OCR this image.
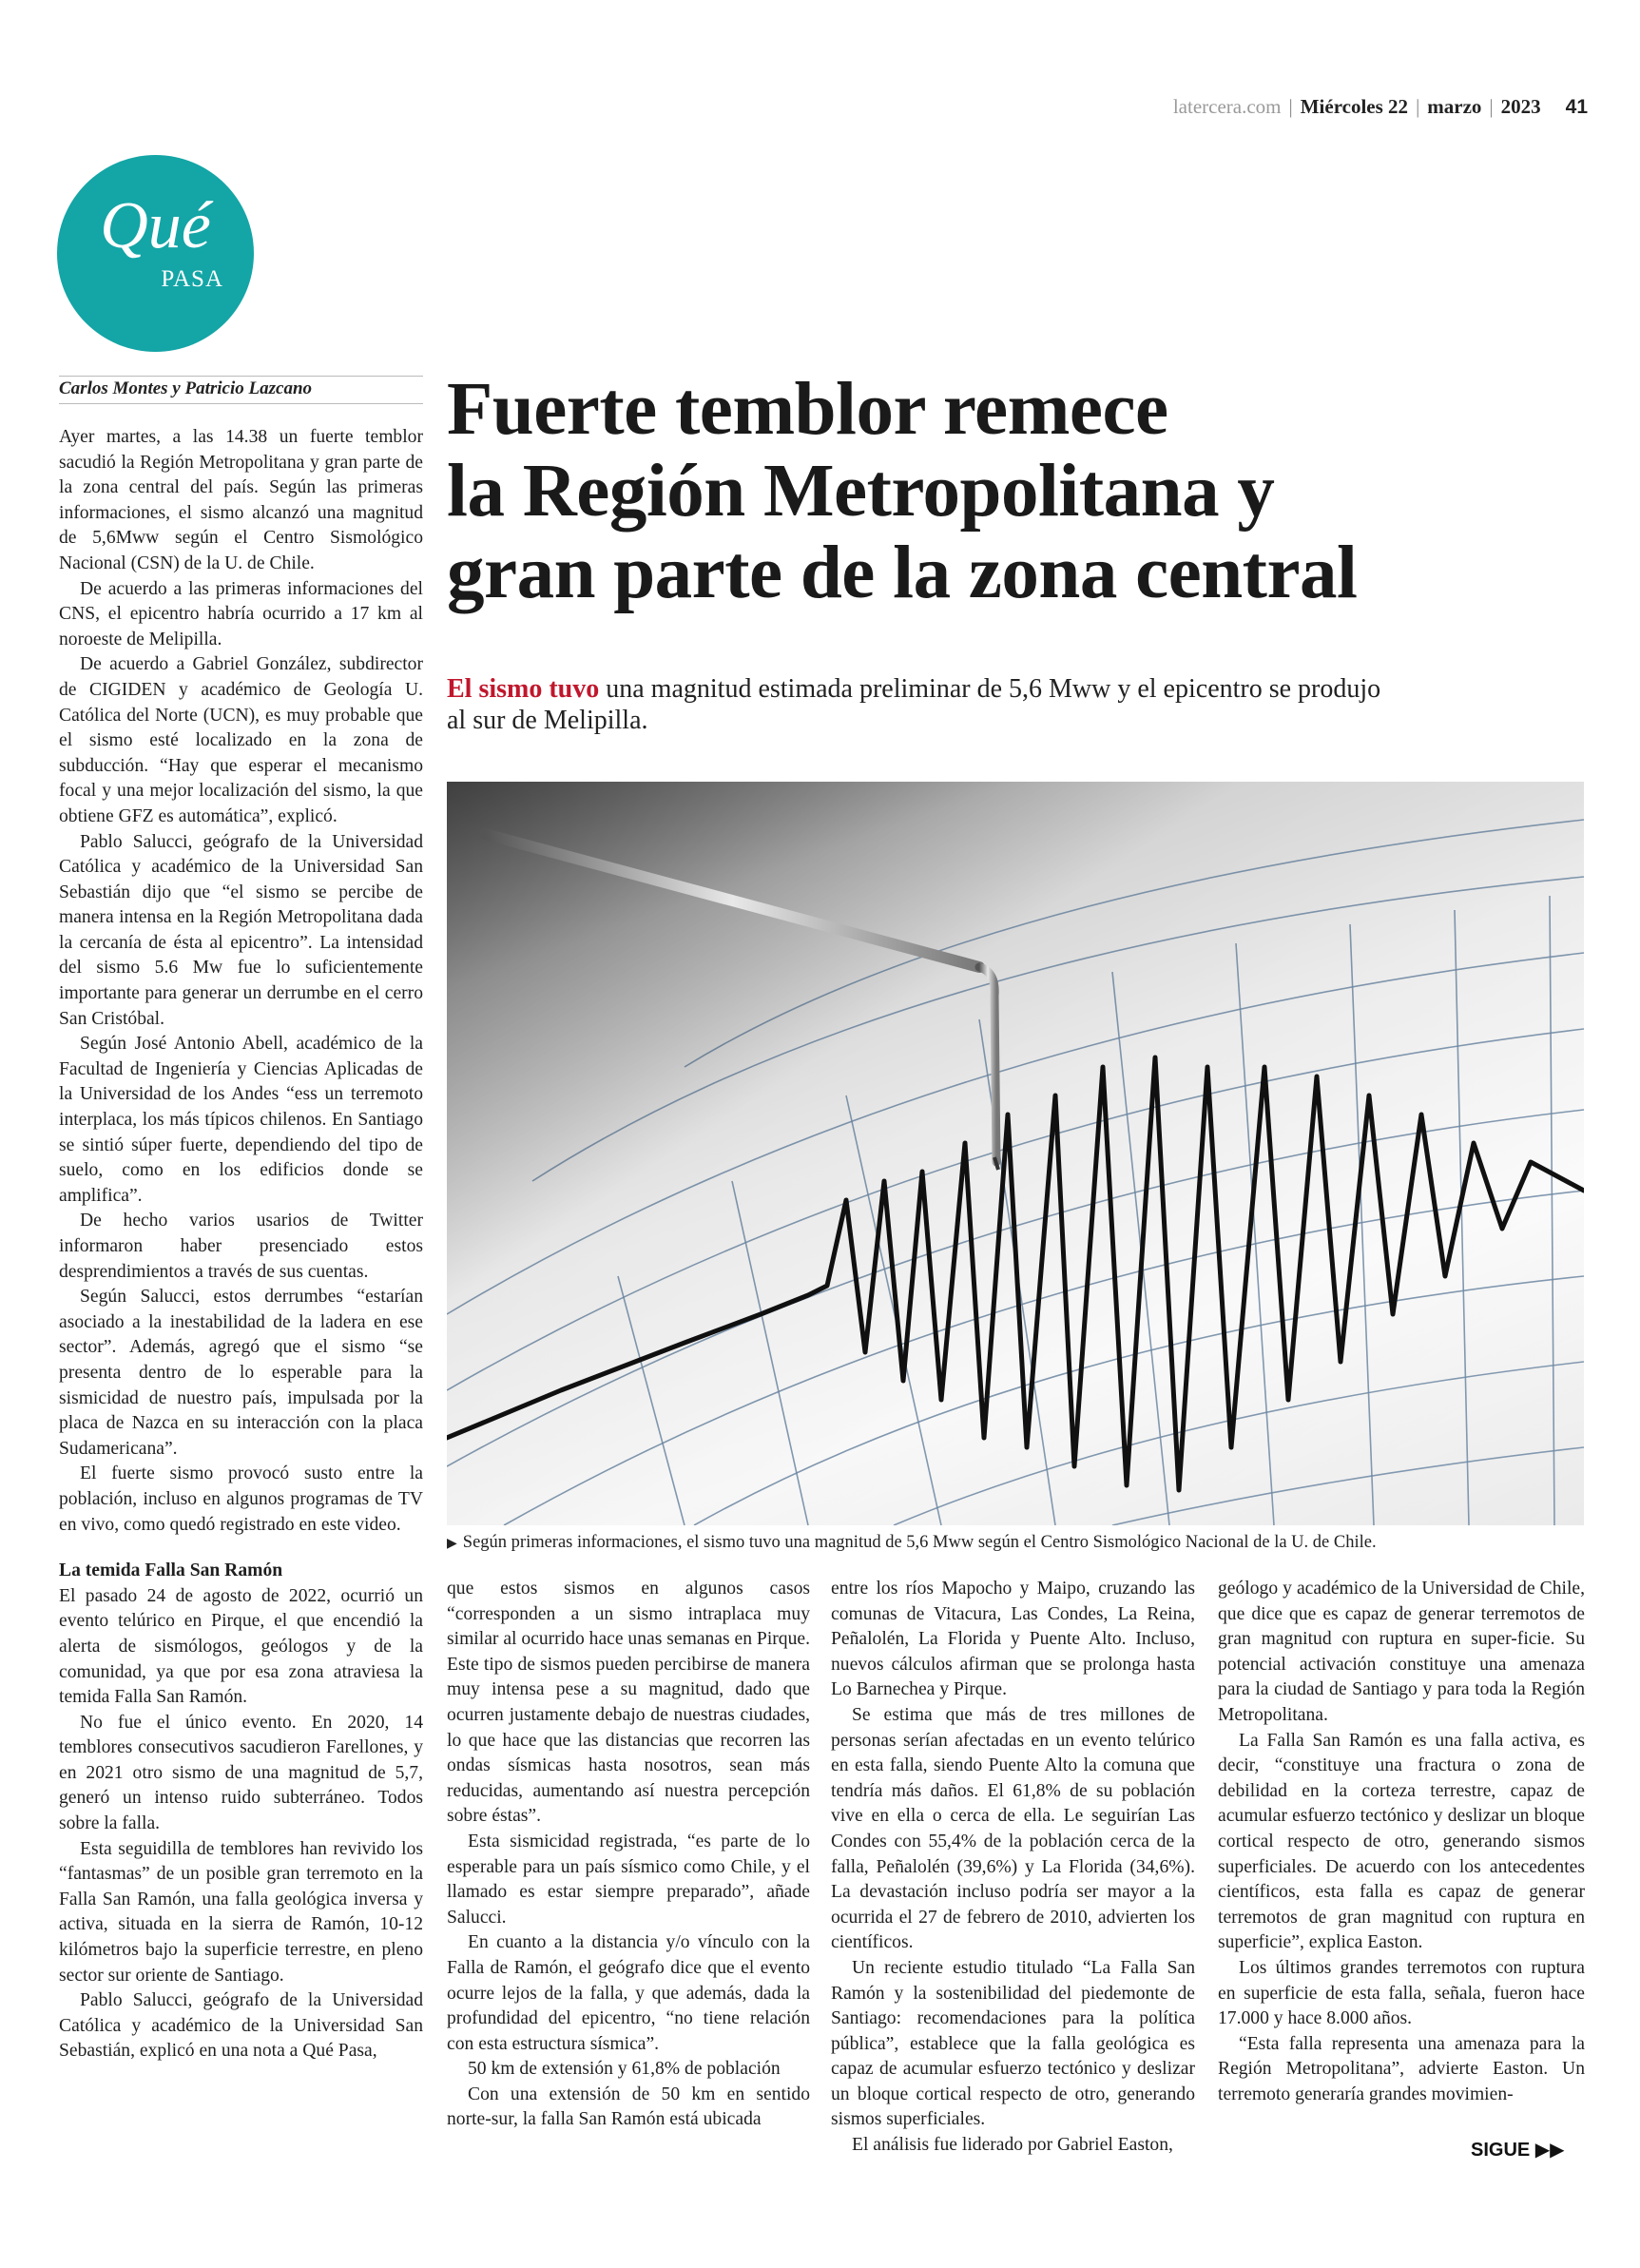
latercera.com | Miércoles 22 | marzo | 2023 41
Qué
PASA
Carlos Montes y Patricio Lazcano	Fuerte temblor remece
la Región Metropolitana y
gran parte de la zona central
El sismo tuvo una magnitud estimada preliminar de 5,6 Mww y el epicentro se produjo al sur de Melipilla.
▶ Según primeras informaciones, el sismo tuvo una magnitud de 5,6 Mww según el Centro Sismológico Nacional de la U. de Chile.

Ayer martes, a las 14.38 un fuerte temblor sacudió la Región Metropolitana y gran parte de la zona central del país. Según las primeras informaciones, el sismo alcanzó una magnitud de 5,6Mww según el Centro Sismológico Nacional (CSN) de la U. de Chile.

De acuerdo a las primeras informaciones del CNS, el epicentro habría ocurrido a 17 km al noroeste de Melipilla.

De acuerdo a Gabriel González, subdirector de CIGIDEN y académico de Geología U. Católica del Norte (UCN), es muy probable que el sismo esté localizado en la zona de subducción. “Hay que esperar el mecanismo focal y una mejor localización del sismo, la que obtiene GFZ es automática”, explicó.

Pablo Salucci, geógrafo de la Universidad Católica y académico de la Universidad San Sebastián dijo que “el sismo se percibe de manera intensa en la Región Metropolitana dada la cercanía de ésta al epicentro”. La intensidad del sismo 5.6 Mw fue lo suficientemente importante para generar un derrumbe en el cerro San Cristóbal.

Según José Antonio Abell, académico de la Facultad de Ingeniería y Ciencias Aplicadas de la Universidad de los Andes “ess un terremoto interplaca, los más típicos chilenos. En Santiago se sintió súper fuerte, dependiendo del tipo de suelo, como en los edificios donde se amplifica”.

De hecho varios usarios de Twitter informaron haber presenciado estos desprendimientos a través de sus cuentas.

Según Salucci, estos derrumbes “estarían asociado a la inestabilidad de la ladera en ese sector”. Además, agregó que el sismo “se presenta dentro de lo esperable para la sismicidad de nuestro país, impulsada por la placa de Nazca en su interacción con la placa Sudamericana”.

El fuerte sismo provocó susto entre la población, incluso en algunos programas de TV en vivo, como quedó registrado en este video.

La temida Falla San Ramón

El pasado 24 de agosto de 2022, ocurrió un evento telúrico en Pirque, el que encendió la alerta de sismólogos, geólogos y de la comunidad, ya que por esa zona atraviesa la temida Falla San Ramón.

No fue el único evento. En 2020, 14 temblores consecutivos sacudieron Farellones, y en 2021 otro sismo de una magnitud de 5,7, generó un intenso ruido subterráneo. Todos sobre la falla.

Esta seguidilla de temblores han revivido los “fantasmas” de un posible gran terremoto en la Falla San Ramón, una falla geológica inversa y activa, situada en la sierra de Ramón, 10-12 kilómetros bajo la superficie terrestre, en pleno sector sur oriente de Santiago.

Pablo Salucci, geógrafo de la Universidad Católica y académico de la Universidad San Sebastián, explicó en una nota a Qué Pasa,

que estos sismos en algunos casos “corresponden a un sismo intraplaca muy similar al ocurrido hace unas semanas en Pirque. Este tipo de sismos pueden percibirse de manera muy intensa pese a su magnitud, dado que ocurren justamente debajo de nuestras ciudades, lo que hace que las distancias que recorren las ondas sísmicas hasta nosotros, sean más reducidas, aumentando así nuestra percepción sobre éstas”.

Esta sismicidad registrada, “es parte de lo esperable para un país sísmico como Chile, y el llamado es estar siempre preparado”, añade Salucci.

En cuanto a la distancia y/o vínculo con la Falla de Ramón, el geógrafo dice que el evento ocurre lejos de la falla, y que además, dada la profundidad del epicentro, “no tiene relación con esta estructura sísmica”.

50 km de extensión y 61,8% de población

Con una extensión de 50 km en sentido norte-sur, la falla San Ramón está ubicada

entre los ríos Mapocho y Maipo, cruzando las comunas de Vitacura, Las Condes, La Reina, Peñalolén, La Florida y Puente Alto. Incluso, nuevos cálculos afirman que se prolonga hasta Lo Barnechea y Pirque.

Se estima que más de tres millones de personas serían afectadas en un evento telúrico en esta falla, siendo Puente Alto la comuna que tendría más daños. El 61,8% de su población vive en ella o cerca de ella. Le seguirían Las Condes con 55,4% de la población cerca de la falla, Peñalolén (39,6%) y La Florida (34,6%). La devastación incluso podría ser mayor a la ocurrida el 27 de febrero de 2010, advierten los científicos.

Un reciente estudio titulado “La Falla San Ramón y la sostenibilidad del piedemonte de Santiago: recomendaciones para la política pública”, establece que la falla geológica es capaz de acumular esfuerzo tectónico y deslizar un bloque cortical respecto de otro, generando sismos superficiales.

El análisis fue liderado por Gabriel Easton,

geólogo y académico de la Universidad de Chile, que dice que es capaz de generar terremotos de gran magnitud con ruptura en super-ficie. Su potencial activación constituye una amenaza para la ciudad de Santiago y para toda la Región Metropolitana.

La Falla San Ramón es una falla activa, es decir, “constituye una fractura o zona de debilidad en la corteza terrestre, capaz de acumular esfuerzo tectónico y deslizar un bloque cortical respecto de otro, generando sismos superficiales. De acuerdo con los antecedentes científicos, esta falla es capaz de generar terremotos de gran magnitud con ruptura en superficie”, explica Easton.

Los últimos grandes terremotos con ruptura en superficie de esta falla, señala, fueron hace 17.000 y hace 8.000 años.

“Esta falla representa una amenaza para la Región Metropolitana”, advierte Easton. Un terremoto generaría grandes movimien-

SIGUE ▶▶
